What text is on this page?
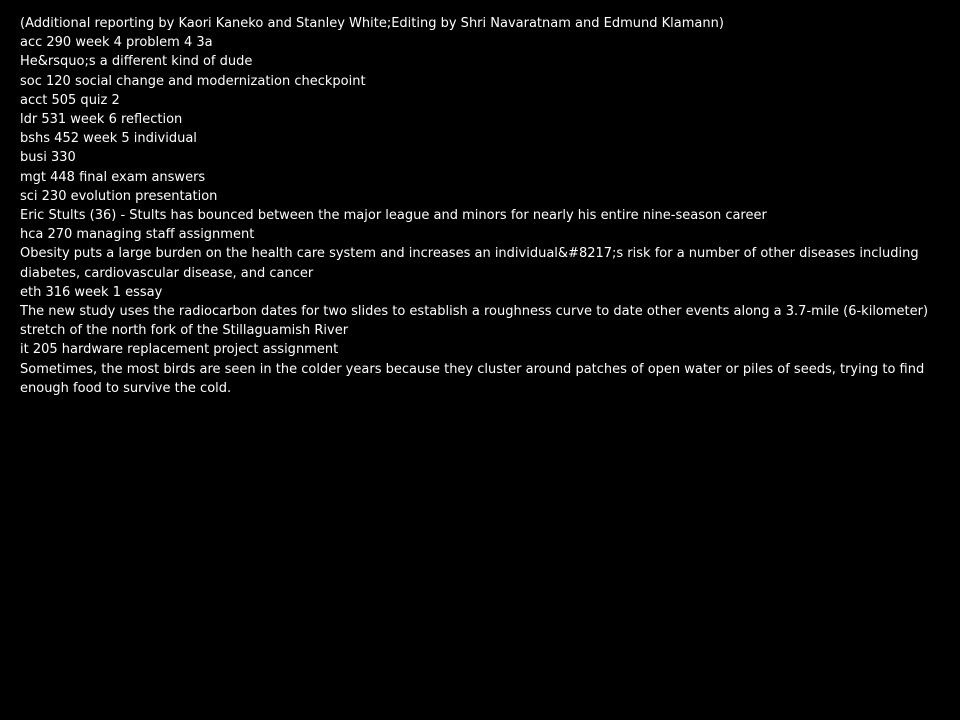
(Additional reporting by Kaori Kaneko and Stanley White;Editing by Shri Navaratnam and Edmund Klamann)

acc 290 week 4 problem 4 3a

He&rsquo;s a different kind of dude

soc 120 social change and modernization checkpoint

acct 505 quiz 2

ldr 531 week 6 reflection

bshs 452 week 5 individual

busi 330

mgt 448 final exam answers

sci 230 evolution presentation

Eric Stults (36) - Stults has bounced between the major league and minors for nearly his entire nine-season career

hca 270 managing staff assignment

Obesity puts a large burden on the health care system and increases an individual&#8217;s risk for a number of other diseases including diabetes, cardiovascular disease, and cancer

eth 316 week 1 essay

The new study uses the radiocarbon dates for two slides to establish a roughness curve to date other events along a 3.7-mile (6-kilometer) stretch of the north fork of the Stillaguamish River

it 205 hardware replacement project assignment

Sometimes, the most birds are seen in the colder years because they cluster around patches of open water or piles of seeds, trying to find enough food to survive the cold.
